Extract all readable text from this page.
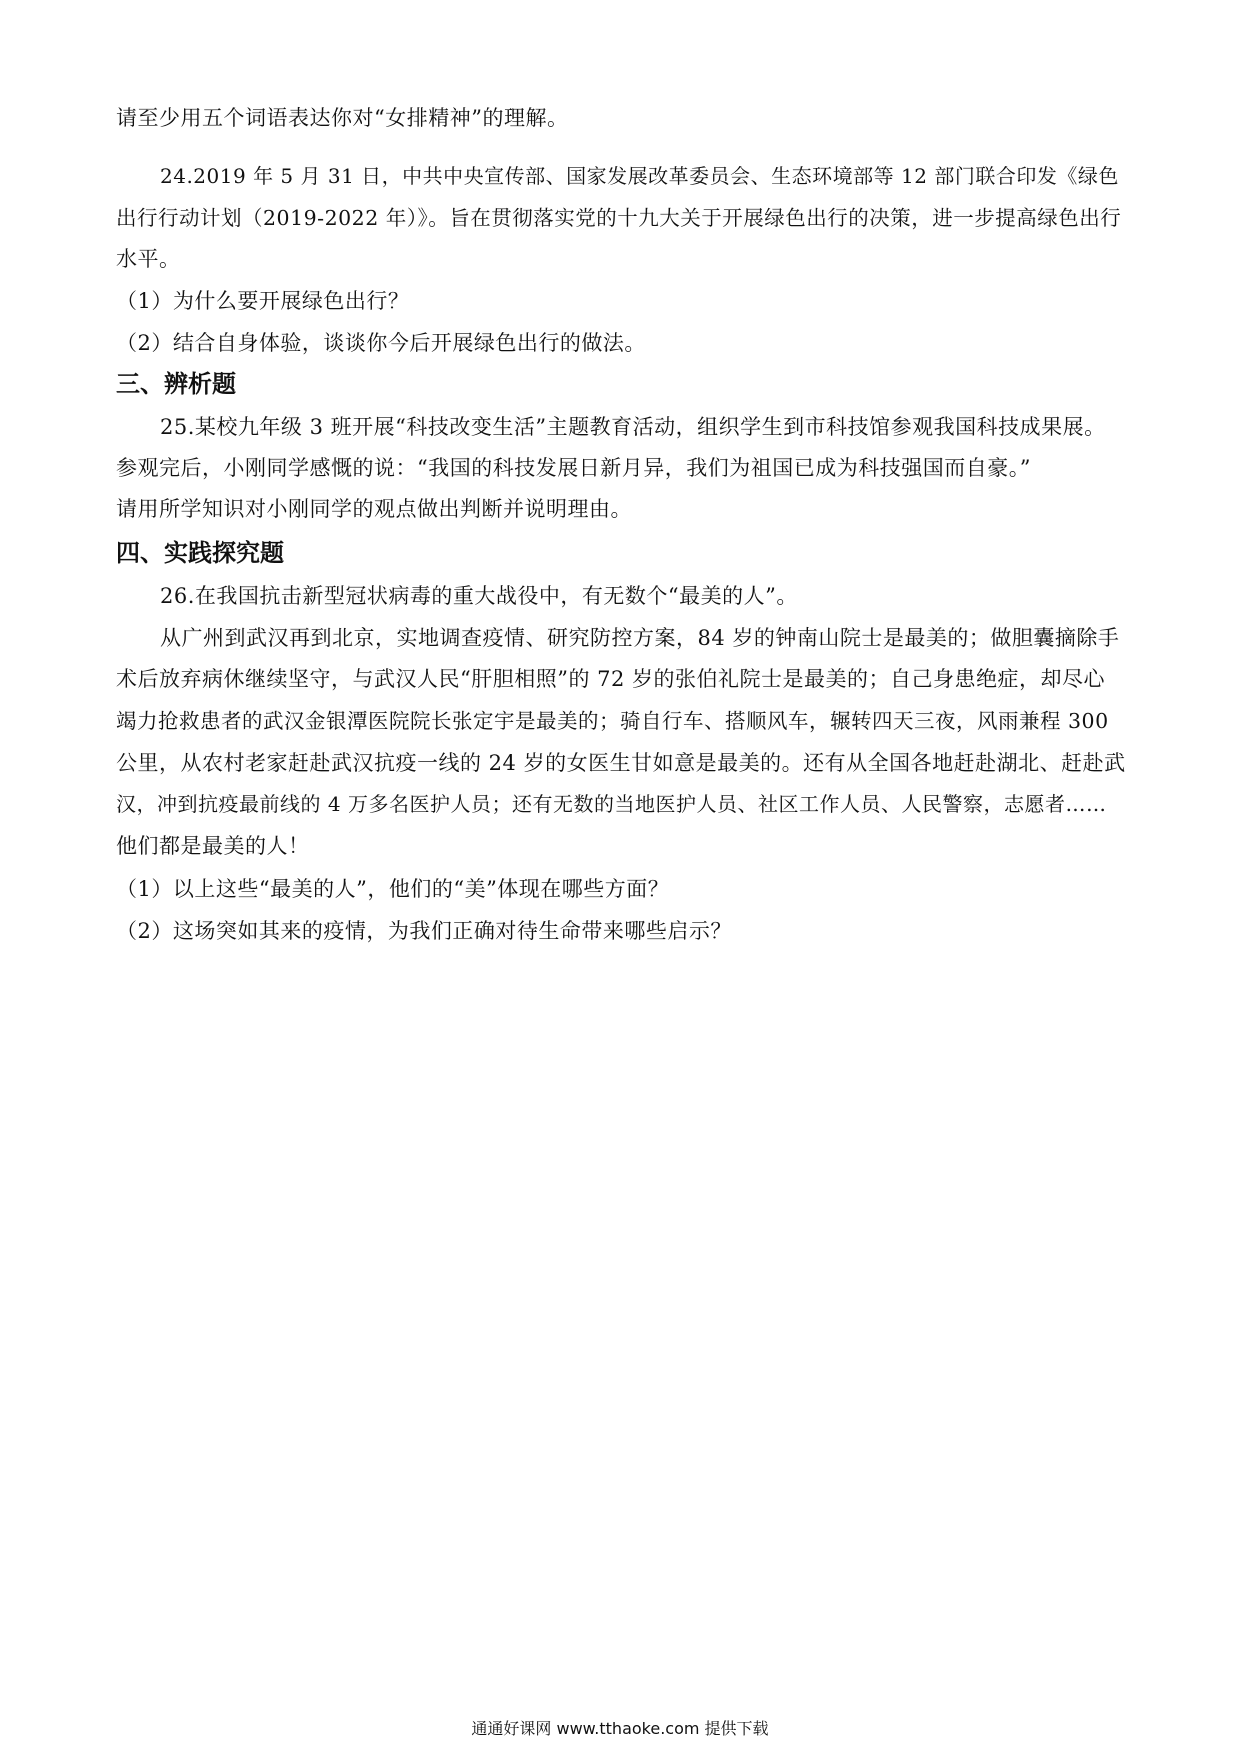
请至少用五个词语表达你对“女排精神”的理解。
24.2019 年 5 月 31 日，中共中央宣传部、国家发展改革委员会、生态环境部等 12 部门联合印发《绿色
出行行动计划（2019-2022 年）》。旨在贯彻落实党的十九大关于开展绿色出行的决策，进一步提高绿色出行
水平。
（1）为什么要开展绿色出行？
（2）结合自身体验，谈谈你今后开展绿色出行的做法。
三、辨析题
25.某校九年级 3 班开展“科技改变生活”主题教育活动，组织学生到市科技馆参观我国科技成果展。
参观完后，小刚同学感慨的说：“我国的科技发展日新月异，我们为祖国已成为科技强国而自豪。”
请用所学知识对小刚同学的观点做出判断并说明理由。
四、实践探究题
26.在我国抗击新型冠状病毒的重大战役中，有无数个“最美的人”。
从广州到武汉再到北京，实地调查疫情、研究防控方案，84 岁的钟南山院士是最美的；做胆囊摘除手
术后放弃病休继续坚守，与武汉人民“肝胆相照”的 72 岁的张伯礼院士是最美的；自己身患绝症，却尽心
竭力抢救患者的武汉金银潭医院院长张定宇是最美的；骑自行车、搭顺风车，辗转四天三夜，风雨兼程 300
公里，从农村老家赶赴武汉抗疫一线的 24 岁的女医生甘如意是最美的。还有从全国各地赶赴湖北、赶赴武
汉，冲到抗疫最前线的 4 万多名医护人员；还有无数的当地医护人员、社区工作人员、人民警察，志愿者……
他们都是最美的人！
（1）以上这些“最美的人”，他们的“美”体现在哪些方面？
（2）这场突如其来的疫情，为我们正确对待生命带来哪些启示？
通通好课网 www.tthaoke.com 提供下载
